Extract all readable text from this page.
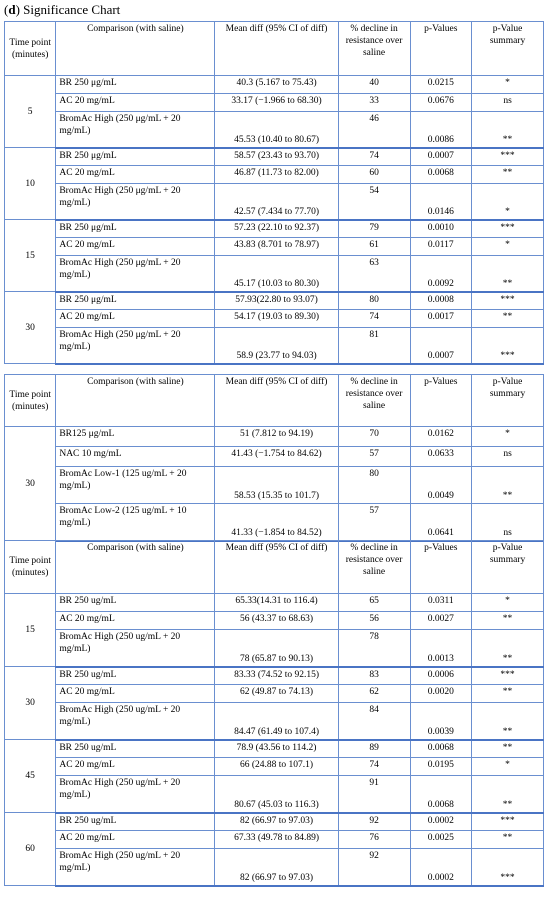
(d) Significance Chart
Time point (minutes)	Comparison (with saline)	Mean diff (95% CI of diff)	% decline in resistance over saline	p-Values	p-Value summary
5	BR 250 μg/mL	40.3 (5.167 to 75.43)	40	0.0215	*
	AC 20 mg/mL	33.17 (−1.966 to 68.30)	33	0.0676	ns
	BromAc High (250 μg/mL + 20 mg/mL)	45.53 (10.40 to 80.67)	46	0.0086	**
10	BR 250 μg/mL	58.57 (23.43 to 93.70)	74	0.0007	***
	AC 20 mg/mL	46.87 (11.73 to 82.00)	60	0.0068	**
	BromAc High (250 μg/mL + 20 mg/mL)	42.57 (7.434 to 77.70)	54	0.0146	*
15	BR 250 μg/mL	57.23 (22.10 to 92.37)	79	0.0010	***
	AC 20 mg/mL	43.83 (8.701 to 78.97)	61	0.0117	*
	BromAc High (250 μg/mL + 20 mg/mL)	45.17 (10.03 to 80.30)	63	0.0092	**
30	BR 250 μg/mL	57.93(22.80 to 93.07)	80	0.0008	***
	AC 20 mg/mL	54.17 (19.03 to 89.30)	74	0.0017	**
	BromAc High (250 μg/mL + 20 mg/mL)	58.9 (23.77 to 94.03)	81	0.0007	***
Time point (minutes)	Comparison (with saline)	Mean diff (95% CI of diff)	% decline in resistance over saline	p-Values	p-Value summary
30	BR125 μg/mL	51 (7.812 to 94.19)	70	0.0162	*
	NAC 10 mg/mL	41.43 (−1.754 to 84.62)	57	0.0633	ns
	BromAc Low-1 (125 ug/mL + 20 mg/mL)	58.53 (15.35 to 101.7)	80	0.0049	**
	BromAc Low-2 (125 ug/mL + 10 mg/mL)	41.33 (−1.854 to 84.52)	57	0.0641	ns
Time point (minutes)	Comparison (with saline)	Mean diff (95% CI of diff)	% decline in resistance over saline	p-Values	p-Value summary
15	BR 250 ug/mL	65.33(14.31 to 116.4)	65	0.0311	*
	AC 20 mg/mL	56 (43.37 to 68.63)	56	0.0027	**
	BromAc High (250 ug/mL + 20 mg/mL)	78 (65.87 to 90.13)	78	0.0013	**
30	BR 250 ug/mL	83.33 (74.52 to 92.15)	83	0.0006	***
	AC 20 mg/mL	62 (49.87 to 74.13)	62	0.0020	**
	BromAc High (250 ug/mL + 20 mg/mL)	84.47 (61.49 to 107.4)	84	0.0039	**
45	BR 250 ug/mL	78.9 (43.56 to 114.2)	89	0.0068	**
	AC 20 mg/mL	66 (24.88 to 107.1)	74	0.0195	*
	BromAc High (250 ug/mL + 20 mg/mL)	80.67 (45.03 to 116.3)	91	0.0068	**
60	BR 250 ug/mL	82 (66.97 to 97.03)	92	0.0002	***
	AC 20 mg/mL	67.33 (49.78 to 84.89)	76	0.0025	**
	BromAc High (250 ug/mL + 20 mg/mL)	82 (66.97 to 97.03)	92	0.0002	***
